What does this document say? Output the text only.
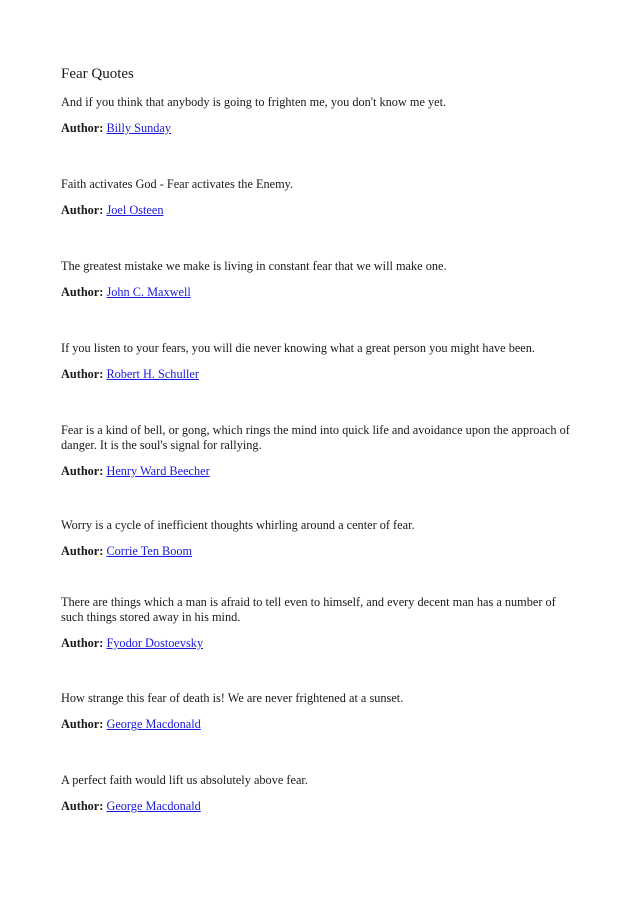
Fear Quotes

And if you think that anybody is going to frighten me, you don't know me yet.

Author: Billy Sunday

Faith activates God - Fear activates the Enemy.

Author: Joel Osteen

The greatest mistake we make is living in constant fear that we will make one.

Author: John C. Maxwell

If you listen to your fears, you will die never knowing what a great person you might have been.

Author: Robert H. Schuller

Fear is a kind of bell, or gong, which rings the mind into quick life and avoidance upon the approach of danger. It is the soul's signal for rallying.

Author: Henry Ward Beecher

Worry is a cycle of inefficient thoughts whirling around a center of fear.

Author: Corrie Ten Boom

There are things which a man is afraid to tell even to himself, and every decent man has a number of such things stored away in his mind.

Author: Fyodor Dostoevsky

How strange this fear of death is! We are never frightened at a sunset.

Author: George Macdonald

A perfect faith would lift us absolutely above fear.

Author: George Macdonald
